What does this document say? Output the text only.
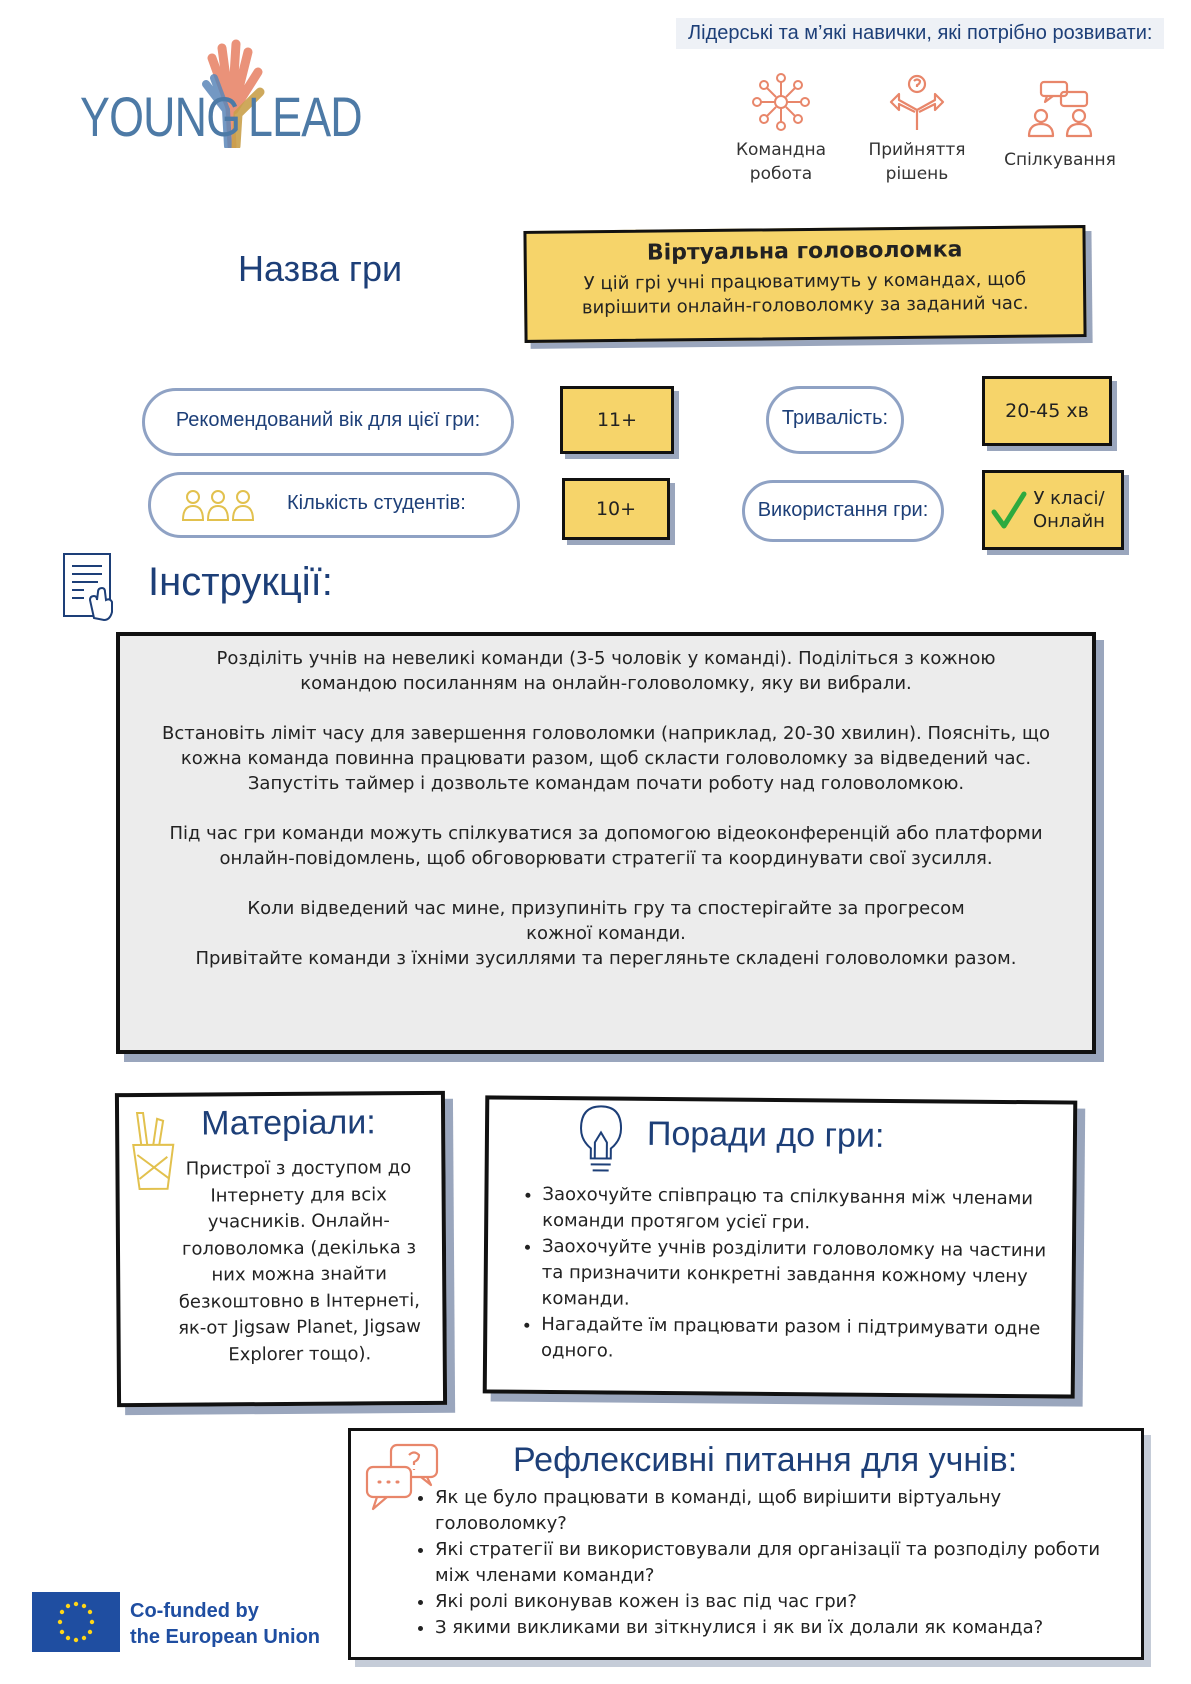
YOUNG LEAD
Лідерські та м’які навички, які потрібно розвивати:
Командна
робота
Прийняття
рішень
Спілкування
Назва гри	Віртуальна головоломка
У цій грі учні працюватимуть у командах, щоб вирішити онлайн-головоломку за заданий час.
Рекомендований вік для цієї гри:	11+	Тривалість:	20-45 хв
Кількість студентів:	10+	Використання гри:
У класі/ Онлайн
Інструкції:

Розділіть учнів на невеликі команди (3-5 чоловік у команді). Поділіться з кожною командою посиланням на онлайн-головоломку, яку ви вибрали.

Встановіть ліміт часу для завершення головоломки (наприклад, 20-30 хвилин). Поясніть, що кожна команда повинна працювати разом, щоб скласти головоломку за відведений час.

Запустіть таймер і дозвольте командам почати роботу над головоломкою.

Під час гри команди можуть спілкуватися за допомогою відеоконференцій або платформи онлайн-повідомлень, щоб обговорювати стратегії та координувати свої зусилля.

Коли відведений час мине, призупиніть гру та спостерігайте за прогресом кожної команди.

Привітайте команди з їхніми зусиллями та перегляньте складені головоломки разом.

Матеріали:
Пристрої з доступом до Інтернету для всіх учасників. Онлайн-головоломка (декілька з них можна знайти безкоштовно в Інтернеті, як-от Jigsaw Planet, Jigsaw Explorer тощо).
Поради до гри:
• Заохочуйте співпрацю та спілкування між членами команди протягом усієї гри.
• Заохочуйте учнів розділити головоломку на частини та призначити конкретні завдання кожному члену команди.
• Нагадайте їм працювати разом і підтримувати одне одного.
Рефлексивні питання для учнів:
• Як це було працювати в команді, щоб вирішити віртуальну головоломку?
• Які стратегії ви використовували для організації та розподілу роботи між членами команди?
• Які ролі виконував кожен із вас під час гри?
• З якими викликами ви зіткнулися і як ви їх долали як команда?
Co-funded by
the European Union
